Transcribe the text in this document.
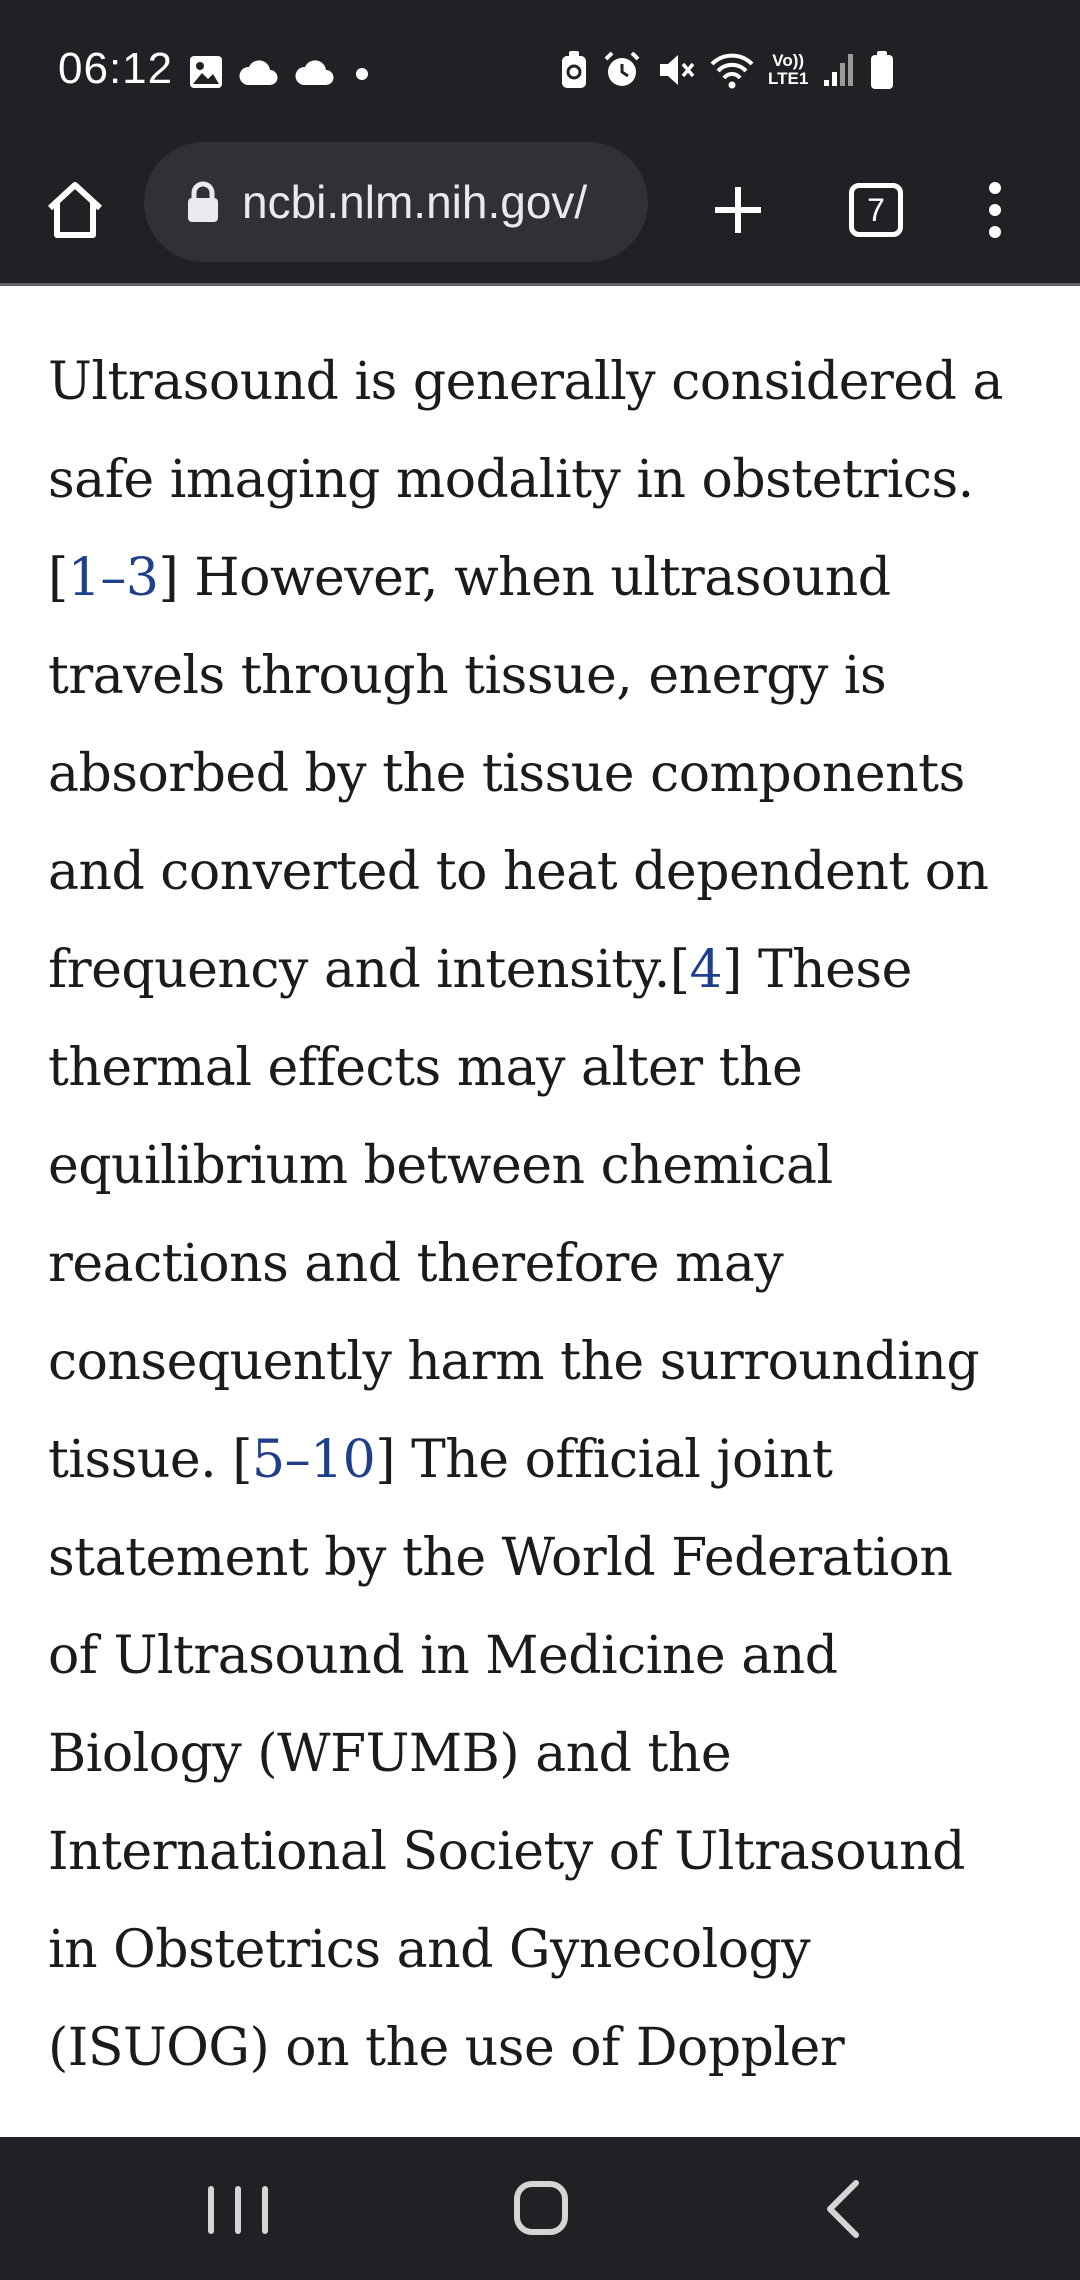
06:12	Vo))
LTE1
ncbi.nlm.nih.gov/	7
Ultrasound is generally considered a
safe imaging modality in obstetrics.
[1–3] However, when ultrasound
travels through tissue, energy is
absorbed by the tissue components
and converted to heat dependent on
frequency and intensity.[4] These
thermal effects may alter the
equilibrium between chemical
reactions and therefore may
consequently harm the surrounding
tissue. [5–10] The official joint
statement by the World Federation
of Ultrasound in Medicine and
Biology (WFUMB) and the
International Society of Ultrasound
in Obstetrics and Gynecology
(ISUOG) on the use of Doppler
